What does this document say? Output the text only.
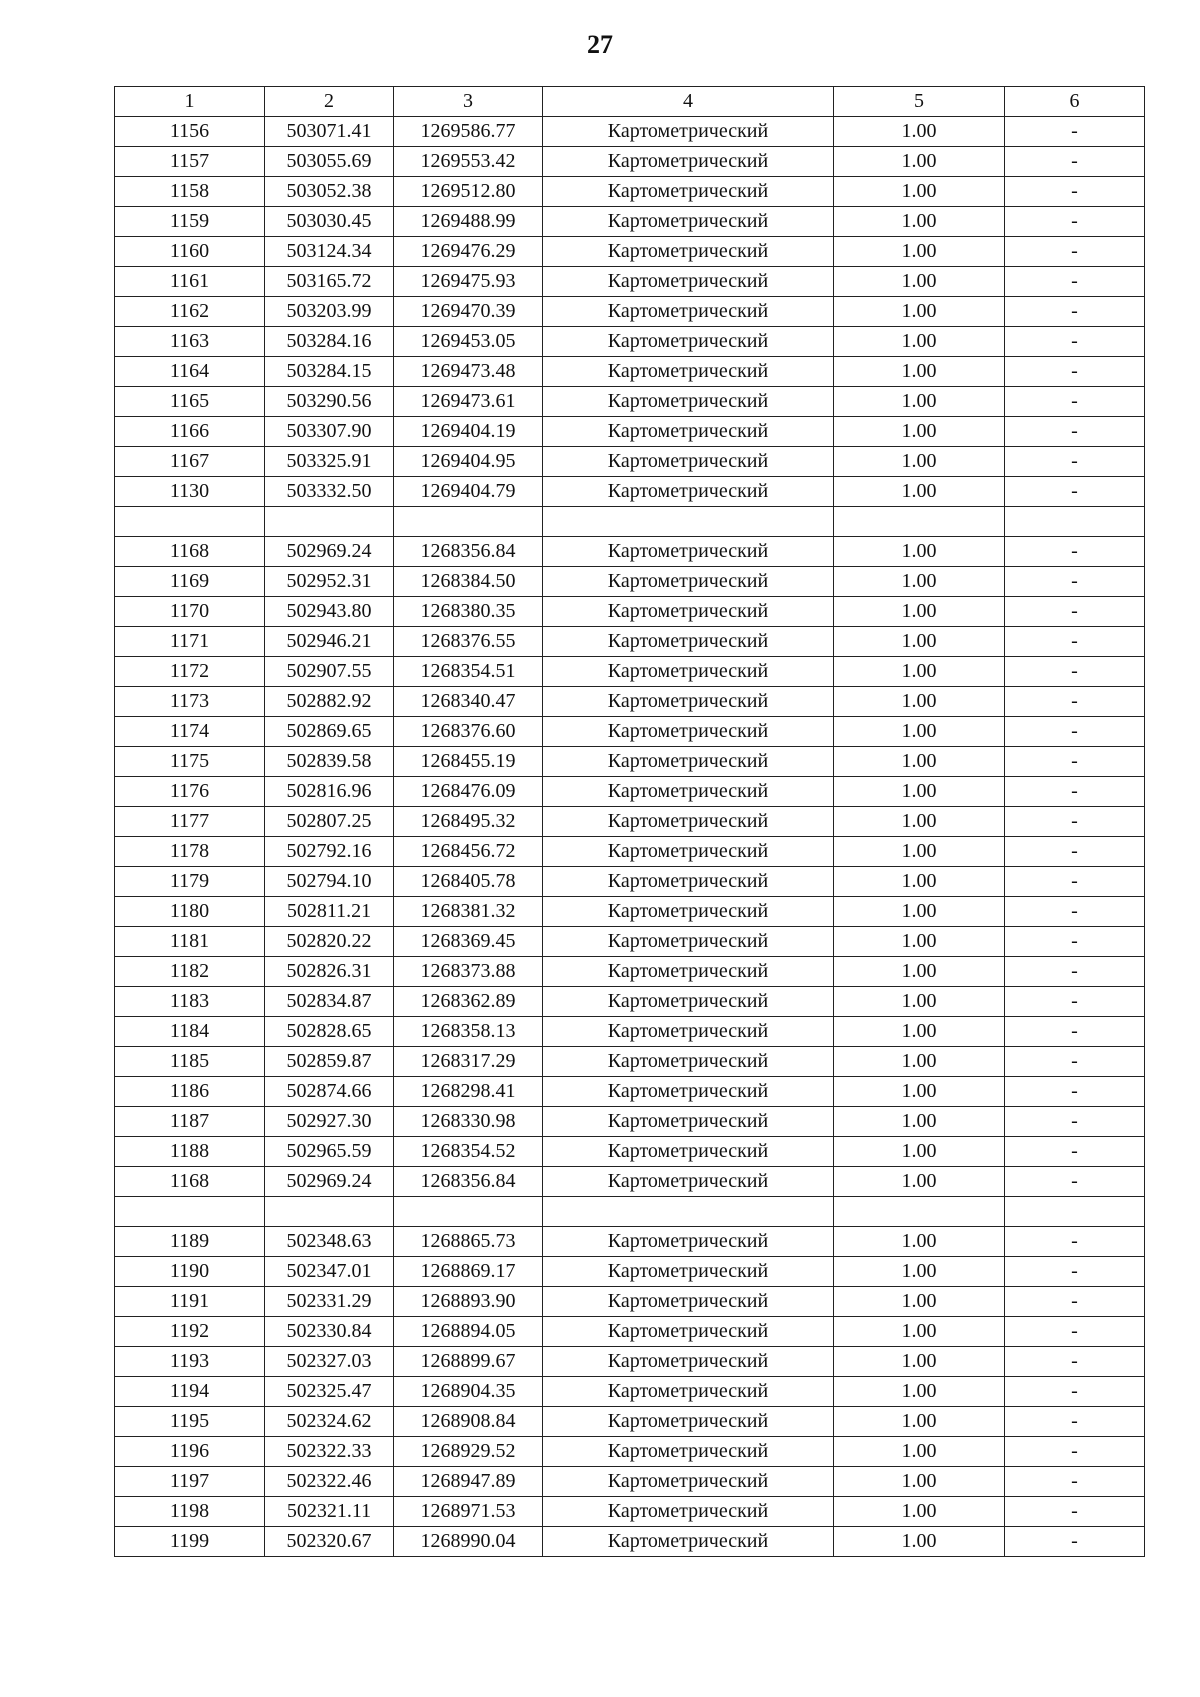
27
1	2	3	4	5	6
1156	503071.41	1269586.77	Картометрический	1.00	-
1157	503055.69	1269553.42	Картометрический	1.00	-
1158	503052.38	1269512.80	Картометрический	1.00	-
1159	503030.45	1269488.99	Картометрический	1.00	-
1160	503124.34	1269476.29	Картометрический	1.00	-
1161	503165.72	1269475.93	Картометрический	1.00	-
1162	503203.99	1269470.39	Картометрический	1.00	-
1163	503284.16	1269453.05	Картометрический	1.00	-
1164	503284.15	1269473.48	Картометрический	1.00	-
1165	503290.56	1269473.61	Картометрический	1.00	-
1166	503307.90	1269404.19	Картометрический	1.00	-
1167	503325.91	1269404.95	Картометрический	1.00	-
1130	503332.50	1269404.79	Картометрический	1.00	-

1168	502969.24	1268356.84	Картометрический	1.00	-
1169	502952.31	1268384.50	Картометрический	1.00	-
1170	502943.80	1268380.35	Картометрический	1.00	-
1171	502946.21	1268376.55	Картометрический	1.00	-
1172	502907.55	1268354.51	Картометрический	1.00	-
1173	502882.92	1268340.47	Картометрический	1.00	-
1174	502869.65	1268376.60	Картометрический	1.00	-
1175	502839.58	1268455.19	Картометрический	1.00	-
1176	502816.96	1268476.09	Картометрический	1.00	-
1177	502807.25	1268495.32	Картометрический	1.00	-
1178	502792.16	1268456.72	Картометрический	1.00	-
1179	502794.10	1268405.78	Картометрический	1.00	-
1180	502811.21	1268381.32	Картометрический	1.00	-
1181	502820.22	1268369.45	Картометрический	1.00	-
1182	502826.31	1268373.88	Картометрический	1.00	-
1183	502834.87	1268362.89	Картометрический	1.00	-
1184	502828.65	1268358.13	Картометрический	1.00	-
1185	502859.87	1268317.29	Картометрический	1.00	-
1186	502874.66	1268298.41	Картометрический	1.00	-
1187	502927.30	1268330.98	Картометрический	1.00	-
1188	502965.59	1268354.52	Картометрический	1.00	-
1168	502969.24	1268356.84	Картометрический	1.00	-

1189	502348.63	1268865.73	Картометрический	1.00	-
1190	502347.01	1268869.17	Картометрический	1.00	-
1191	502331.29	1268893.90	Картометрический	1.00	-
1192	502330.84	1268894.05	Картометрический	1.00	-
1193	502327.03	1268899.67	Картометрический	1.00	-
1194	502325.47	1268904.35	Картометрический	1.00	-
1195	502324.62	1268908.84	Картометрический	1.00	-
1196	502322.33	1268929.52	Картометрический	1.00	-
1197	502322.46	1268947.89	Картометрический	1.00	-
1198	502321.11	1268971.53	Картометрический	1.00	-
1199	502320.67	1268990.04	Картометрический	1.00	-
